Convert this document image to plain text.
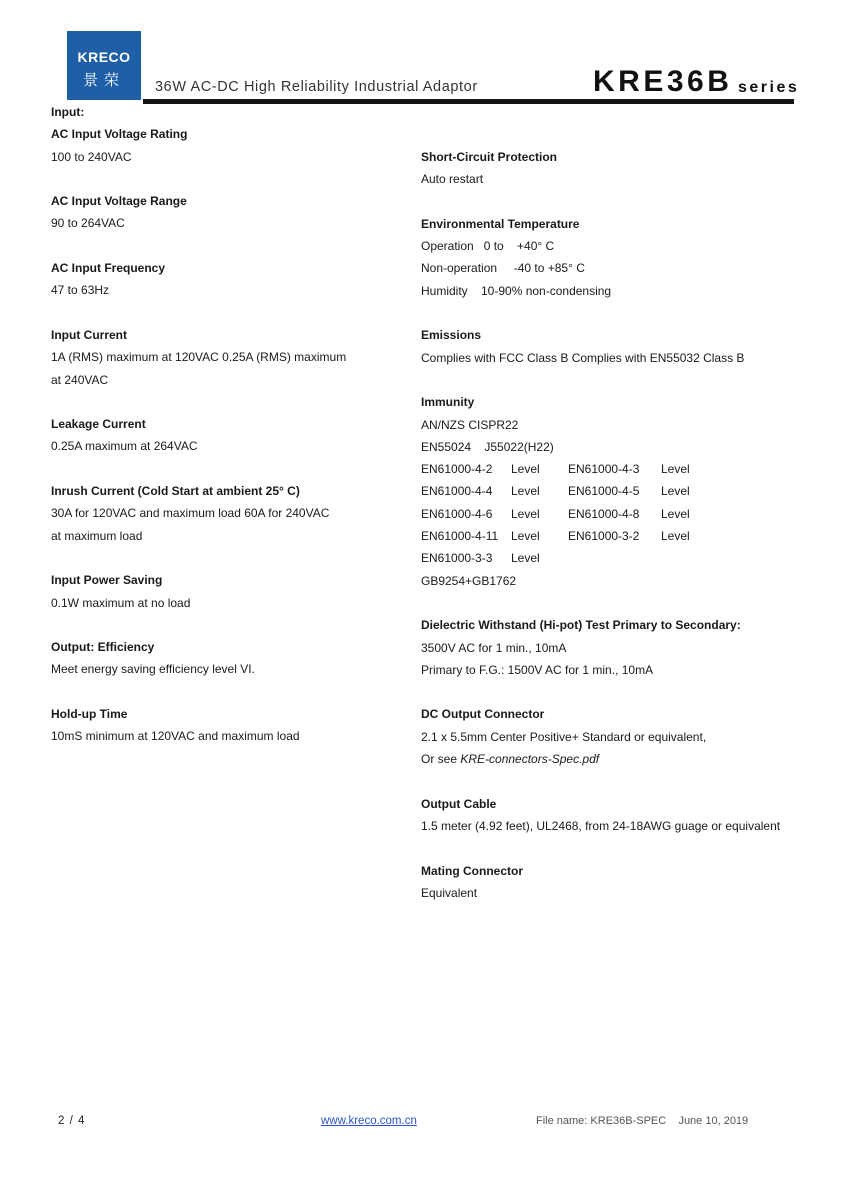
KRECO
景荣	36W AC-DC High Reliability Industrial Adaptor	KRE36B series
Input:
AC Input Voltage Rating
100 to 240VAC
AC Input Voltage Range
90 to 264VAC
AC Input Frequency
47 to 63Hz
Input Current
1A (RMS) maximum at 120VAC 0.25A (RMS) maximum
at 240VAC
Leakage Current
0.25A maximum at 264VAC
Inrush Current (Cold Start at ambient 25° C)
30A for 120VAC and maximum load 60A for 240VAC
at maximum load
Input Power Saving
0.1W maximum at no load
Output: Efficiency
Meet energy saving efficiency level VI.
Hold-up Time
10mS minimum at 120VAC and maximum load
Short-Circuit Protection
Auto restart
Environmental Temperature
Operation   0 to    +40° C
Non-operation     -40 to +85° C
Humidity    10-90% non-condensing
Emissions
Complies with FCC Class B Complies with EN55032 Class B
Immunity
AN/NZS CISPR22
EN55024    J55022(H22)
EN61000-4-2	Level	EN61000-4-3	Level
EN61000-4-4	Level	EN61000-4-5	Level
EN61000-4-6	Level	EN61000-4-8	Level
EN61000-4-11	Level	EN61000-3-2	Level
EN61000-3-3	Level
GB9254+GB1762
Dielectric Withstand (Hi-pot) Test Primary to Secondary:
3500V AC for 1 min., 10mA
Primary to F.G.: 1500V AC for 1 min., 10mA
DC Output Connector
2.1 x 5.5mm Center Positive+ Standard or equivalent,
Or see KRE-connectors-Spec.pdf
Output Cable
1.5 meter (4.92 feet), UL2468, from 24-18AWG guage or equivalent
Mating Connector
Equivalent
2 / 4	www.kreco.com.cn	File name: KRE36B-SPEC    June 10, 2019
